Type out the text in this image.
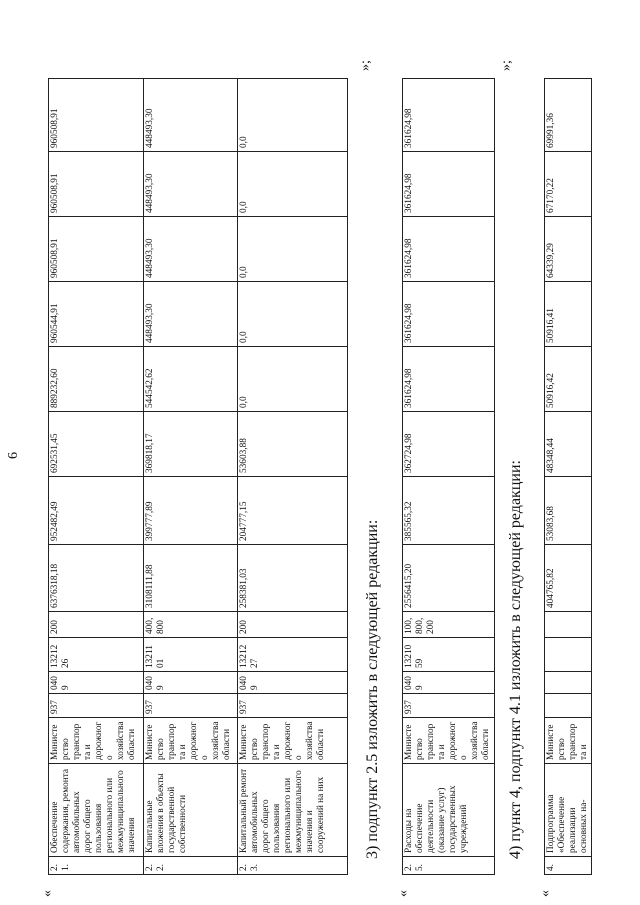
6
«
2.1.	Обеспечение содержания, ремонта автомобильных дорог общего пользования регионального или межмуниципального значения	Министерство транспорта и дорожного хозяйства области	937	0409	1321226	200	6376318,18	952482,49	692531,45	889232,60	960544,91	960508,91	960508,91	960508,91
2.2.	Капитальные вложения в объекты государственной собственности	Министерство транспорта и дорожного хозяйства области	937	0409	1321101	400, 800	3108111,88	399777,89	369818,17	544542,62	448493,30	448493,30	448493,30	448493,30
2.3.	Капитальный ремонт автомобильных дорог общего пользования регионального или межмуниципального значения и сооружений на них	Министерство транспорта и дорожного хозяйства области	937	0409	1321227	200	258381,03	204777,15	53603,88	0,0	0,0	0,0	0,0	0,0
»;
3) подпункт 2.5 изложить в следующей редакции:
«
2.5.	Расходы на обеспечение деятельности (оказание услуг) государственных учреждений	Министерство транспорта и дорожного хозяйства области	937	0409	1321059	100, 800, 200	2556415,20	385565,32	362724,98	361624,98	361624,98	361624,98	361624,98	361624,98
»;
4) пункт 4, подпункт 4.1 изложить в следующей редакции:
«
4.	Подпрограмма «Обеспечение реализации основных на-	Министерство транспорта и					404765,82	53083,68	48348,44	50916,42	50916,41	64339,29	67170,22	69991,36
